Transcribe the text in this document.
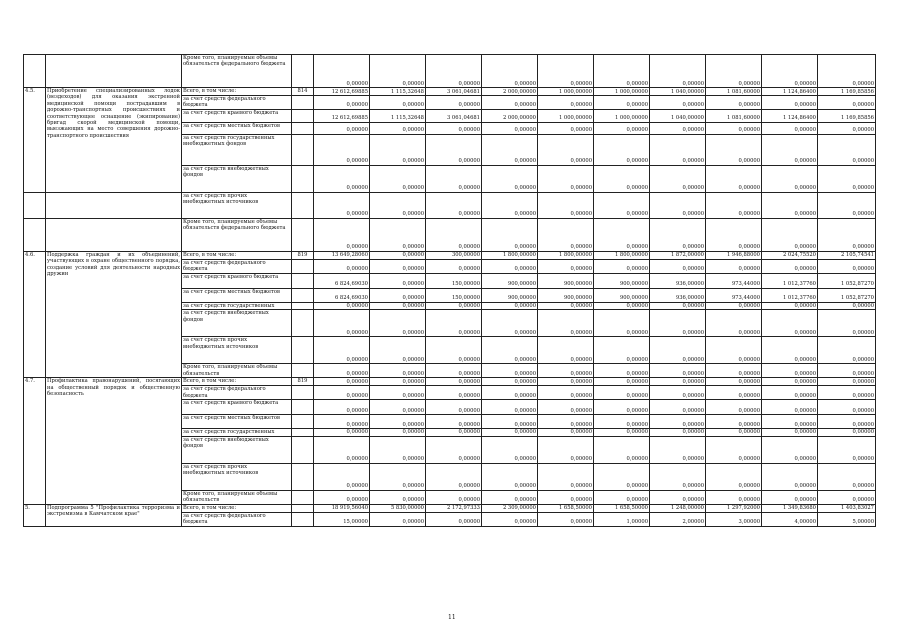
		Кроме того, планируемые объемы обязательств федерального бюджета		0,00000	0,00000	0,00000	0,00000	0,00000	0,00000	0,00000	0,00000	0,00000	0,00000
4.5.	Приобретение специализированных лодок (вездеходов) для оказания экстренной медицинской помощи пострадавшим в дорожно-транспортных происшествиях и соответствующее оснащение (экипирование) бригад скорой медицинской помощи, выезжающих на место совершения дорожно-транспортного происшествия	Всего, в том числе:	814	12 612,69885	1 115,32648	3 061,04681	2 000,00000	1 000,00000	1 000,00000	1 040,00000	1 081,60000	1 124,86400	1 169,85856
		за счет средств федерального бюджета		0,00000	0,00000	0,00000	0,00000	0,00000	0,00000	0,00000	0,00000	0,00000	0,00000
		за счет средств краевого бюджета		12 612,69885	1 115,32648	3 061,04681	2 000,00000	1 000,00000	1 000,00000	1 040,00000	1 081,60000	1 124,86400	1 169,85856
		за счет средств местных бюджетов		0,00000	0,00000	0,00000	0,00000	0,00000	0,00000	0,00000	0,00000	0,00000	0,00000
		за счет средств государственных внебюджетных фондов		0,00000	0,00000	0,00000	0,00000	0,00000	0,00000	0,00000	0,00000	0,00000	0,00000
		за счет средств внебюджетных фондов		0,00000	0,00000	0,00000	0,00000	0,00000	0,00000	0,00000	0,00000	0,00000	0,00000
		за счет средств прочих внебюджетных источников		0,00000	0,00000	0,00000	0,00000	0,00000	0,00000	0,00000	0,00000	0,00000	0,00000
		Кроме того, планируемые объемы обязательств федерального бюджета		0,00000	0,00000	0,00000	0,00000	0,00000	0,00000	0,00000	0,00000	0,00000	0,00000
4.6.	Поддержка граждан и их объединений, участвующих в охране общественного порядка, создание условий для деятельности народных дружин	Всего, в том числе:	819	13 649,28060	0,00000	300,00000	1 800,00000	1 800,00000	1 800,00000	1 872,00000	1 946,88000	2 024,75520	2 105,74541
		за счет средств федерального бюджета		0,00000	0,00000	0,00000	0,00000	0,00000	0,00000	0,00000	0,00000	0,00000	0,00000
		за счет средств краевого бюджета		6 824,69030	0,00000	150,00000	900,00000	900,00000	900,00000	936,00000	973,44000	1 012,37760	1 052,87270
		за счет средств местных бюджетов		6 824,69030	0,00000	150,00000	900,00000	900,00000	900,00000	936,00000	973,44000	1 012,37760	1 052,87270
		за счет средств государственных		0,00000	0,00000	0,00000	0,00000	0,00000	0,00000	0,00000	0,00000	0,00000	0,00000
		за счет средств внебюджетных фондов		0,00000	0,00000	0,00000	0,00000	0,00000	0,00000	0,00000	0,00000	0,00000	0,00000
		за счет средств прочих внебюджетных источников		0,00000	0,00000	0,00000	0,00000	0,00000	0,00000	0,00000	0,00000	0,00000	0,00000
		Кроме того, планируемые объемы обязательств		0,00000	0,00000	0,00000	0,00000	0,00000	0,00000	0,00000	0,00000	0,00000	0,00000
4.7.	Профилактика правонарушений, посягающих на общественный порядок и общественную безопасность	Всего, в том числе:	819	0,00000	0,00000	0,00000	0,00000	0,00000	0,00000	0,00000	0,00000	0,00000	0,00000
		за счет средств федерального бюджета		0,00000	0,00000	0,00000	0,00000	0,00000	0,00000	0,00000	0,00000	0,00000	0,00000
		за счет средств краевого бюджета		0,00000	0,00000	0,00000	0,00000	0,00000	0,00000	0,00000	0,00000	0,00000	0,00000
		за счет средств местных бюджетов		0,00000	0,00000	0,00000	0,00000	0,00000	0,00000	0,00000	0,00000	0,00000	0,00000
		за счет средств государственных		0,00000	0,00000	0,00000	0,00000	0,00000	0,00000	0,00000	0,00000	0,00000	0,00000
		за счет средств внебюджетных фондов		0,00000	0,00000	0,00000	0,00000	0,00000	0,00000	0,00000	0,00000	0,00000	0,00000
		за счет средств прочих внебюджетных источников		0,00000	0,00000	0,00000	0,00000	0,00000	0,00000	0,00000	0,00000	0,00000	0,00000
		Кроме того, планируемые объемы обязательств		0,00000	0,00000	0,00000	0,00000	0,00000	0,00000	0,00000	0,00000	0,00000	0,00000
5.	Подпрограмма 5 "Профилактика терроризма и экстремизма в Камчатском крае"	Всего, в том числе:		18 919,56040	5 830,00000	2 172,97333	2 309,00000	1 658,50000	1 658,50000	1 248,00000	1 297,92000	1 349,83680	1 403,83027
		за счет средств федерального бюджета		15,00000	0,00000	0,00000	0,00000	0,00000	1,00000	2,00000	3,00000	4,00000	5,00000
11
